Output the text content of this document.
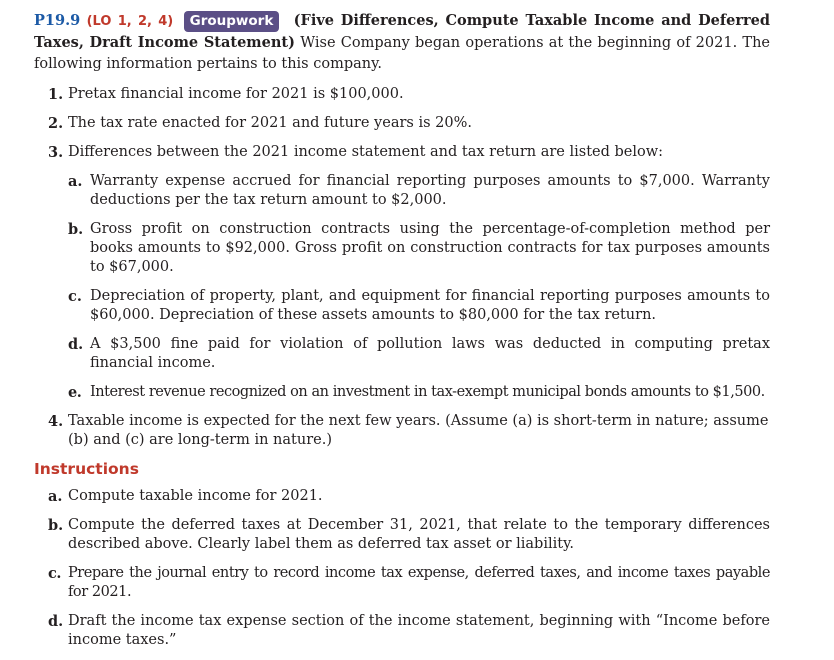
P19.9 (LO 1, 2, 4) Groupwork (Five Differences, Compute Taxable Income and Deferred Taxes, Draft Income Statement) Wise Company began operations at the beginning of 2021. The following information pertains to this company.

1. Pretax financial income for 2021 is $100,000.
2. The tax rate enacted for 2021 and future years is 20%.
3. Differences between the 2021 income statement and tax return are listed below:
a. Warranty expense accrued for financial reporting purposes amounts to $7,000. Warranty deductions per the tax return amount to $2,000.
b. Gross profit on construction contracts using the percentage-of-completion method per books amounts to $92,000. Gross profit on construction contracts for tax purposes amounts to $67,000.
c. Depreciation of property, plant, and equipment for financial reporting purposes amounts to $60,000. Depreciation of these assets amounts to $80,000 for the tax return.
d. A $3,500 fine paid for violation of pollution laws was deducted in computing pretax financial income.
e. Interest revenue recognized on an investment in tax-exempt municipal bonds amounts to $1,500.
4. Taxable income is expected for the next few years. (Assume (a) is short-term in nature; assume (b) and (c) are long-term in nature.)
Instructions
a. Compute taxable income for 2021.
b. Compute the deferred taxes at December 31, 2021, that relate to the temporary differences described above. Clearly label them as deferred tax asset or liability.
c. Prepare the journal entry to record income tax expense, deferred taxes, and income taxes payable for 2021.
d. Draft the income tax expense section of the income statement, beginning with “Income before income taxes.”
